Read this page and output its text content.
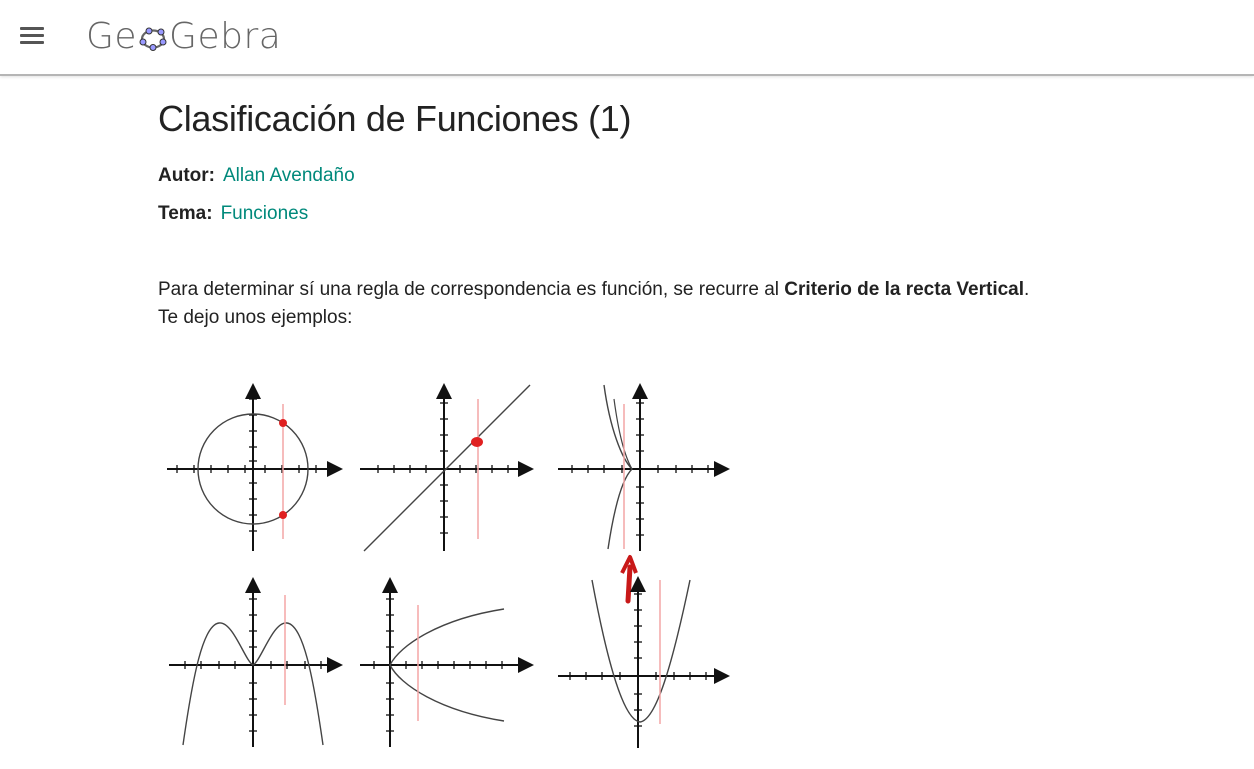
Ge Gebra
Clasificación de Funciones (1)
Autor: Allan Avendaño
Tema: Funciones

Para determinar sí una regla de correspondencia es función, se recurre al Criterio de la recta Vertical.
Te dejo unos ejemplos:
